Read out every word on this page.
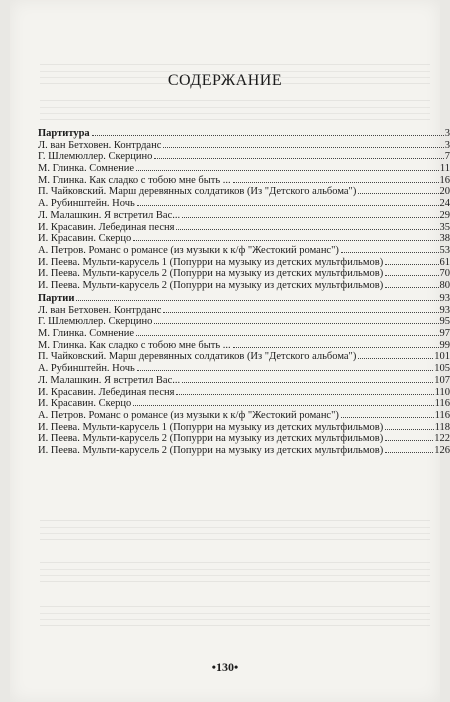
СОДЕРЖАНИЕ
Партитура	3
Л. ван Бетховен. Контрданс	3
Г. Шлемюллер. Скерцино	7
М. Глинка. Сомнение	11
М. Глинка. Как сладко с тобою мне быть ...	16
П. Чайковский. Марш деревянных солдатиков (Из "Детского альбома")	20
А. Рубинштейн. Ночь	24
Л. Малашкин. Я встретил Вас...	29
И. Красавин. Лебединая песня	35
И. Красавин. Скерцо	38
А. Петров. Романс о романсе (из музыки к к/ф "Жестокий романс")	53
И. Пеева. Мульти-карусель 1 (Попурри на музыку из детских мультфильмов)	61
И. Пеева. Мульти-карусель 2 (Попурри на музыку из детских мультфильмов)	70
И. Пеева. Мульти-карусель 2 (Попурри на музыку из детских мультфильмов)	80
Партии	93
Л. ван Бетховен. Контрданс	93
Г. Шлемюллер. Скерцино	95
М. Глинка. Сомнение	97
М. Глинка. Как сладко с тобою мне быть ...	99
П. Чайковский. Марш деревянных солдатиков (Из "Детского альбома")	101
А. Рубинштейн. Ночь	105
Л. Малашкин. Я встретил Вас...	107
И. Красавин. Лебединая песня	110
И. Красавин. Скерцо	116
А. Петров. Романс о романсе (из музыки к к/ф "Жестокий романс")	116
И. Пеева. Мульти-карусель 1 (Попурри на музыку из детских мультфильмов)	118
И. Пеева. Мульти-карусель 2 (Попурри на музыку из детских мультфильмов)	122
И. Пеева. Мульти-карусель 2 (Попурри на музыку из детских мультфильмов)	126
•130•
